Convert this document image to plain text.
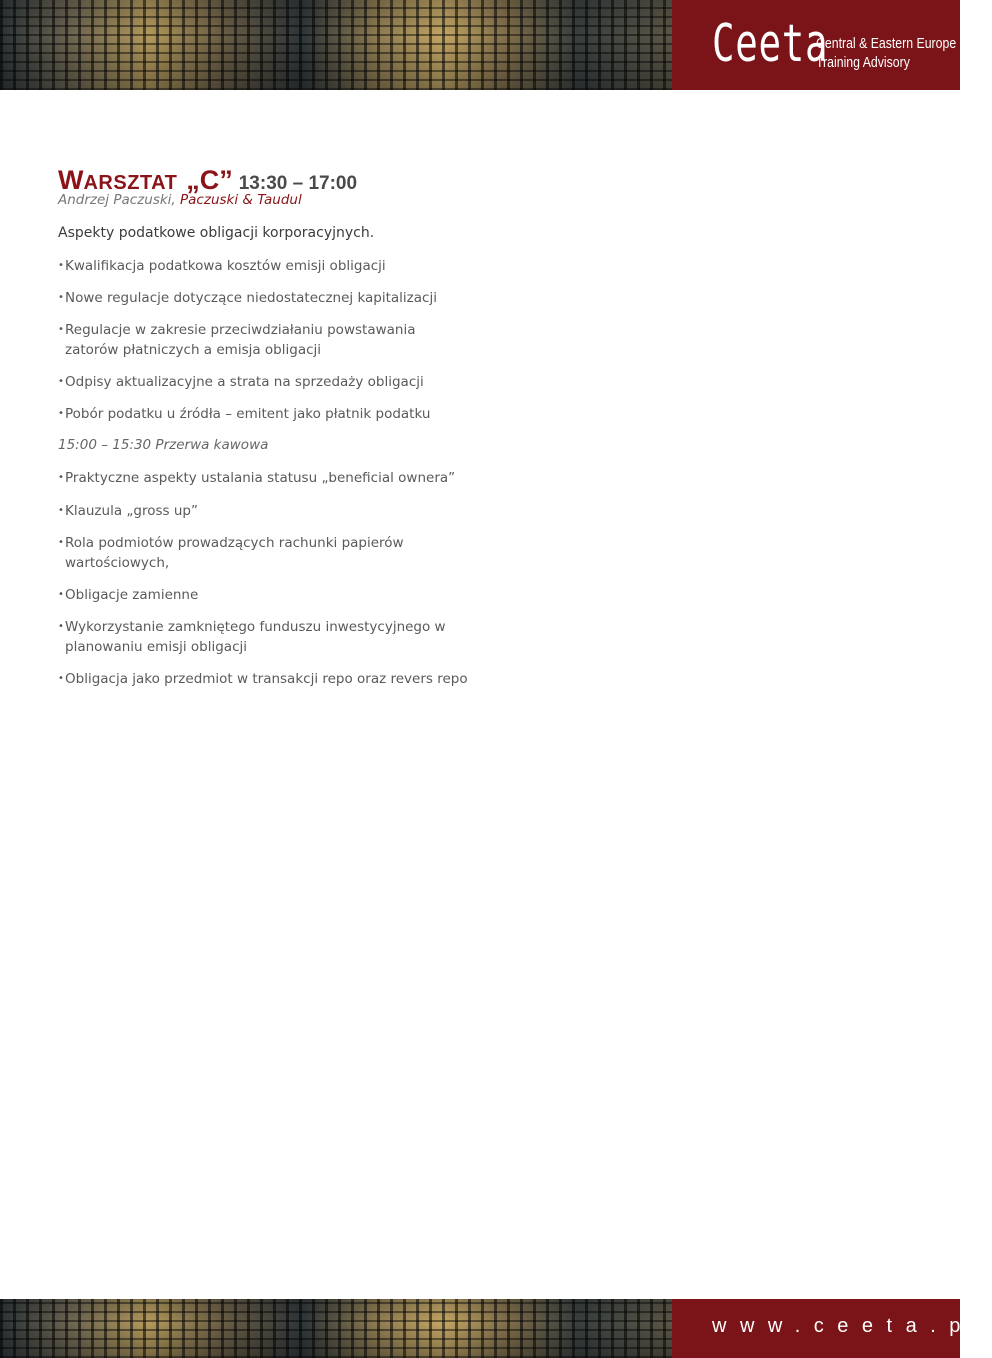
Ceeta
Central & Eastern Europe
Training Advisory
WARSZTAT „C” 13:30 – 17:00
Andrzej Paczuski, Paczuski & Taudul
Aspekty podatkowe obligacji korporacyjnych.
• Kwalifikacja podatkowa kosztów emisji obligacji
• Nowe regulacje dotyczące niedostatecznej kapitalizacji
• Regulacje w zakresie przeciwdziałaniu powstawania zatorów płatniczych a emisja obligacji
• Odpisy aktualizacyjne a strata na sprzedaży obligacji
• Pobór podatku u źródła – emitent jako płatnik podatku
15:00 – 15:30 Przerwa kawowa
• Praktyczne aspekty ustalania statusu „beneficial ownera”
• Klauzula „gross up”
• Rola podmiotów prowadzących rachunki papierów wartościowych,
• Obligacje zamienne
• Wykorzystanie zamkniętego funduszu inwestycyjnego w planowaniu emisji obligacji
• Obligacja jako przedmiot w transakcji repo oraz revers repo
www.ceeta.pl
